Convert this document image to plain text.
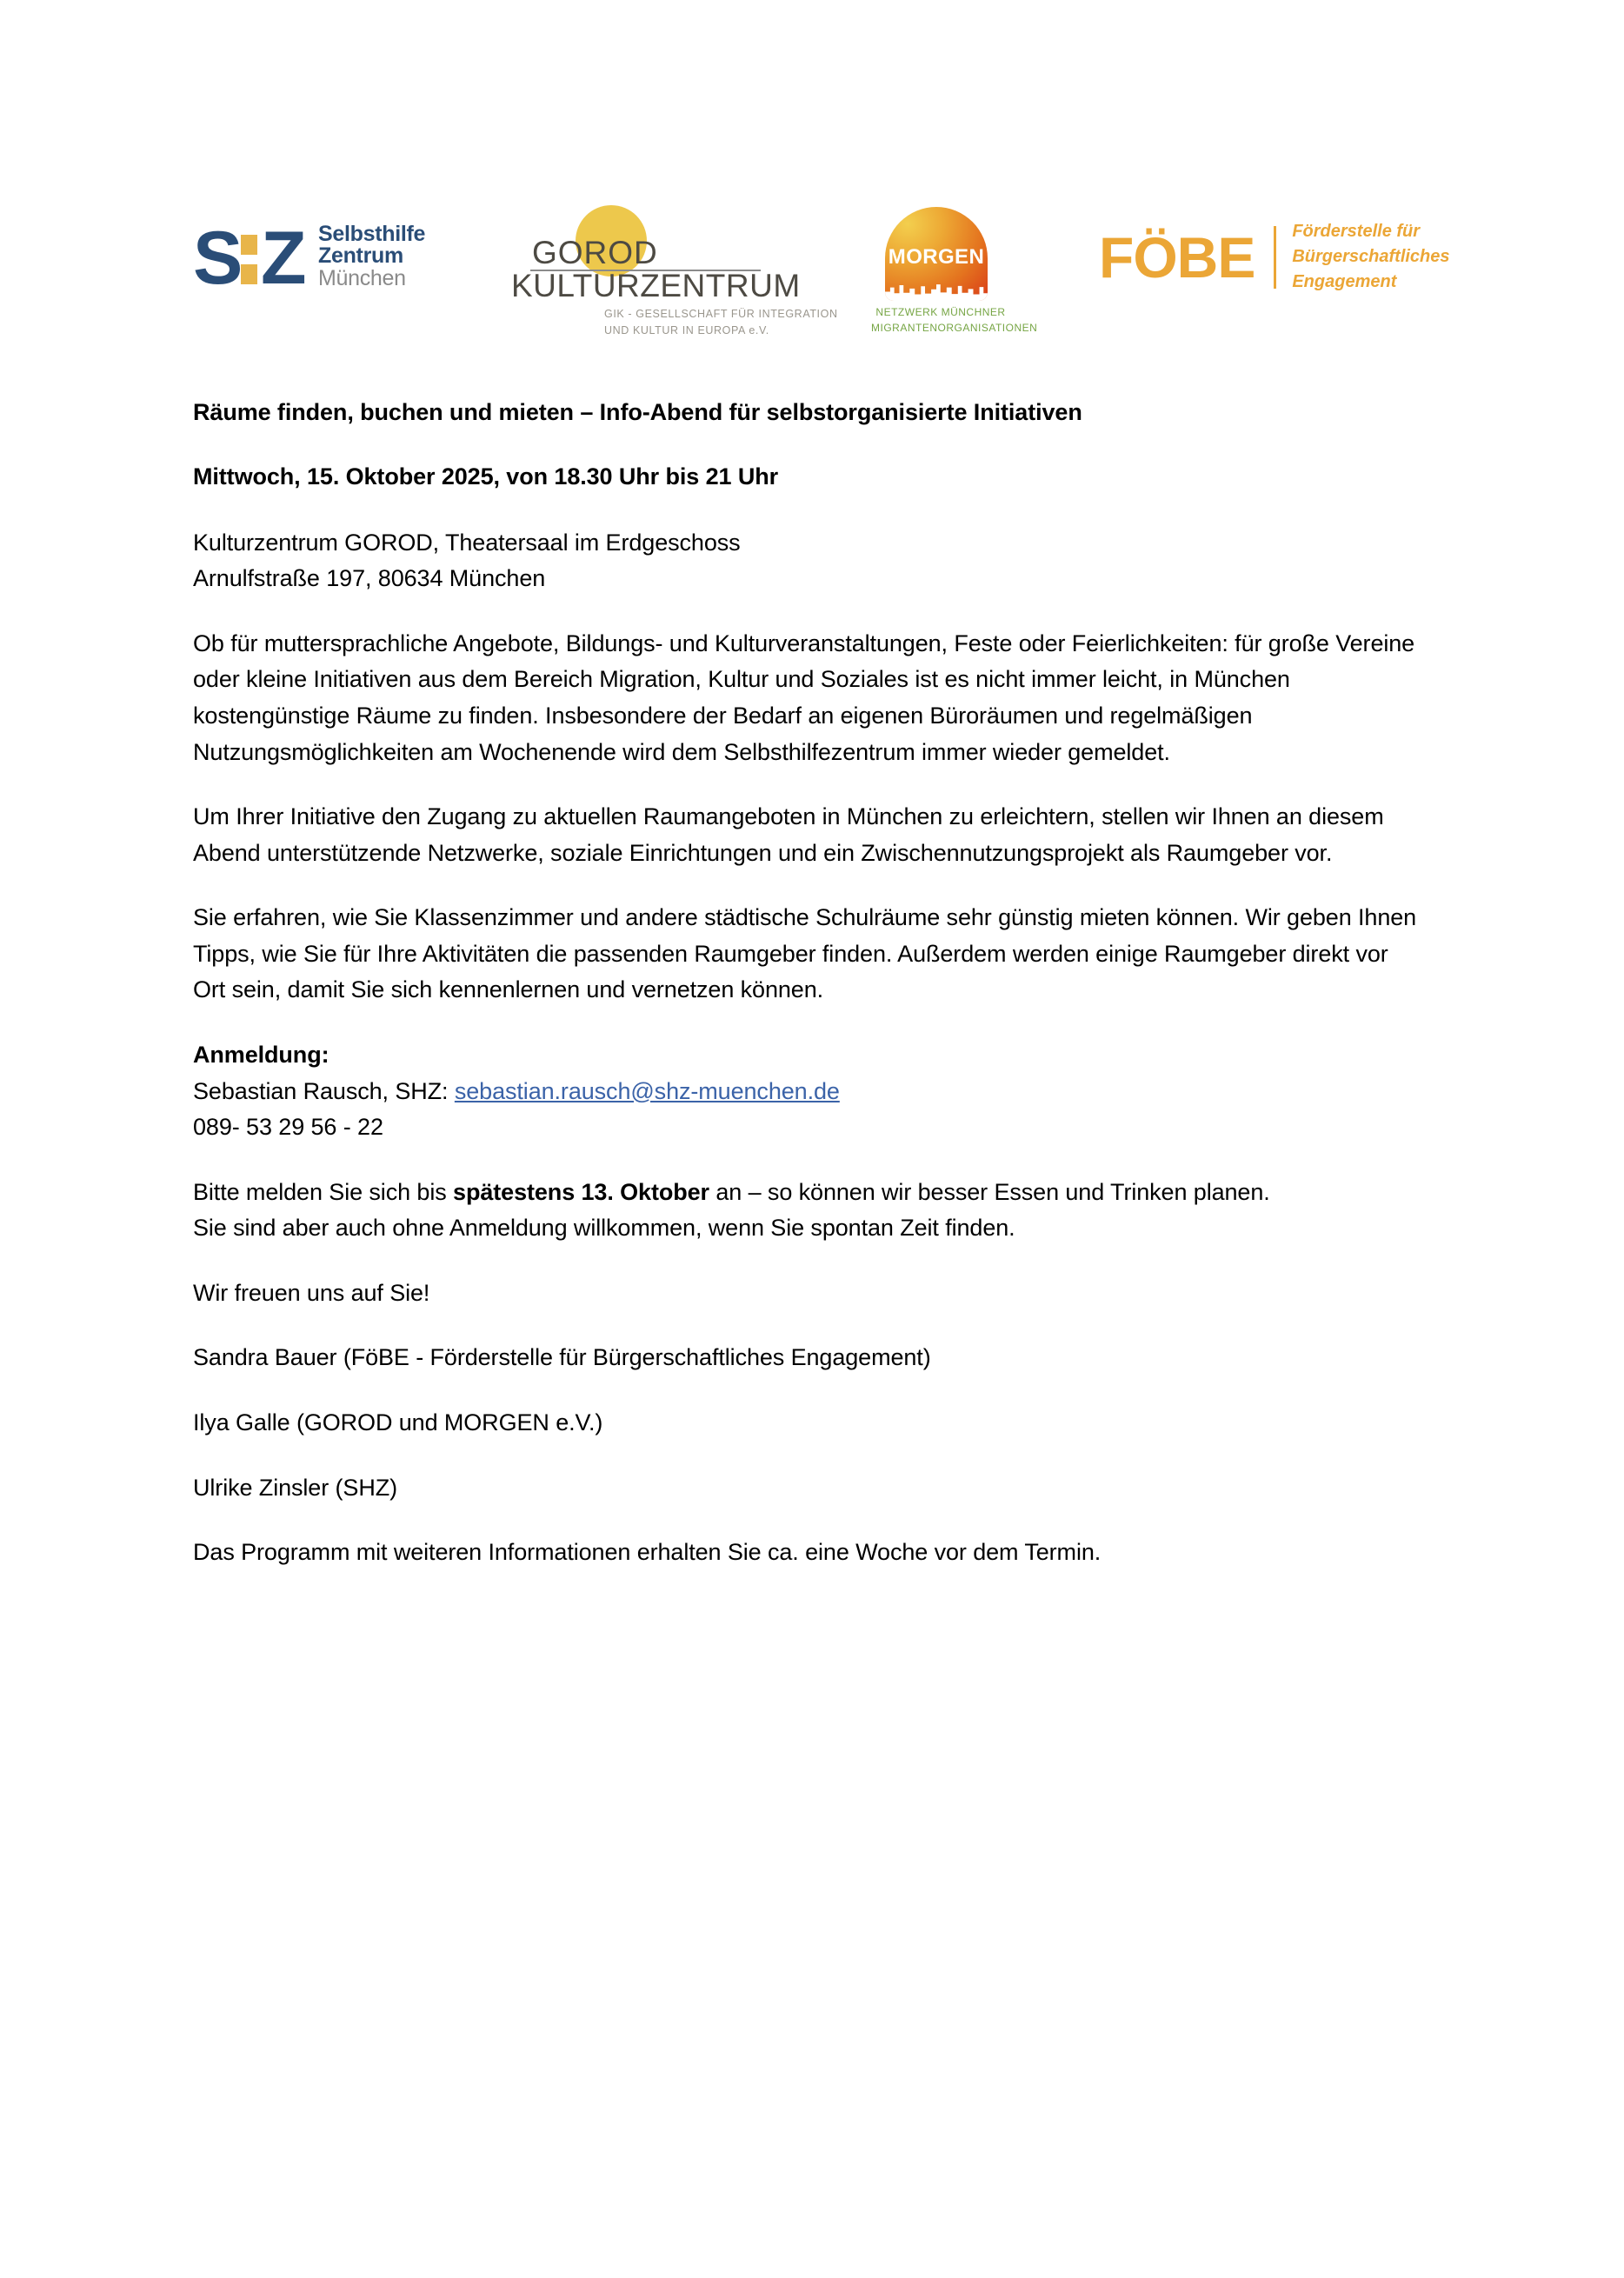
S Z Selbsthilfe
Zentrum
München
GOROD
KULTURZENTRUM
GIK - GESELLSCHAFT FÜR INTEGRATION
UND KULTUR IN EUROPA e.V.
MORGEN
NETZWERK MÜNCHNER
MIGRANTENORGANISATIONEN
FÖBE Förderstelle für
Bürgerschaftliches
Engagement

Räume finden, buchen und mieten – Info-Abend für selbstorganisierte Initiativen

Mittwoch, 15. Oktober 2025, von 18.30 Uhr bis 21 Uhr

Kulturzentrum GOROD, Theatersaal im Erdgeschoss
Arnulfstraße 197, 80634 München

Ob für muttersprachliche Angebote, Bildungs- und Kulturveranstaltungen, Feste oder Feierlichkeiten: für große Vereine oder kleine Initiativen aus dem Bereich Migration, Kultur und Soziales ist es nicht immer leicht, in München kostengünstige Räume zu finden. Insbesondere der Bedarf an eigenen Büroräumen und regelmäßigen Nutzungsmöglichkeiten am Wochenende wird dem Selbsthilfezentrum immer wieder gemeldet.

Um Ihrer Initiative den Zugang zu aktuellen Raumangeboten in München zu erleichtern, stellen wir Ihnen an diesem Abend unterstützende Netzwerke, soziale Einrichtungen und ein Zwischennutzungsprojekt als Raumgeber vor.

Sie erfahren, wie Sie Klassenzimmer und andere städtische Schulräume sehr günstig mieten können. Wir geben Ihnen Tipps, wie Sie für Ihre Aktivitäten die passenden Raumgeber finden. Außerdem werden einige Raumgeber direkt vor Ort sein, damit Sie sich kennenlernen und vernetzen können.

Anmeldung:
Sebastian Rausch, SHZ: sebastian.rausch@shz-muenchen.de
089- 53 29 56 - 22

Bitte melden Sie sich bis spätestens 13. Oktober an – so können wir besser Essen und Trinken planen.
Sie sind aber auch ohne Anmeldung willkommen, wenn Sie spontan Zeit finden.

Wir freuen uns auf Sie!

Sandra Bauer (FöBE - Förderstelle für Bürgerschaftliches Engagement)

Ilya Galle (GOROD und MORGEN e.V.)

Ulrike Zinsler (SHZ)

Das Programm mit weiteren Informationen erhalten Sie ca. eine Woche vor dem Termin.
